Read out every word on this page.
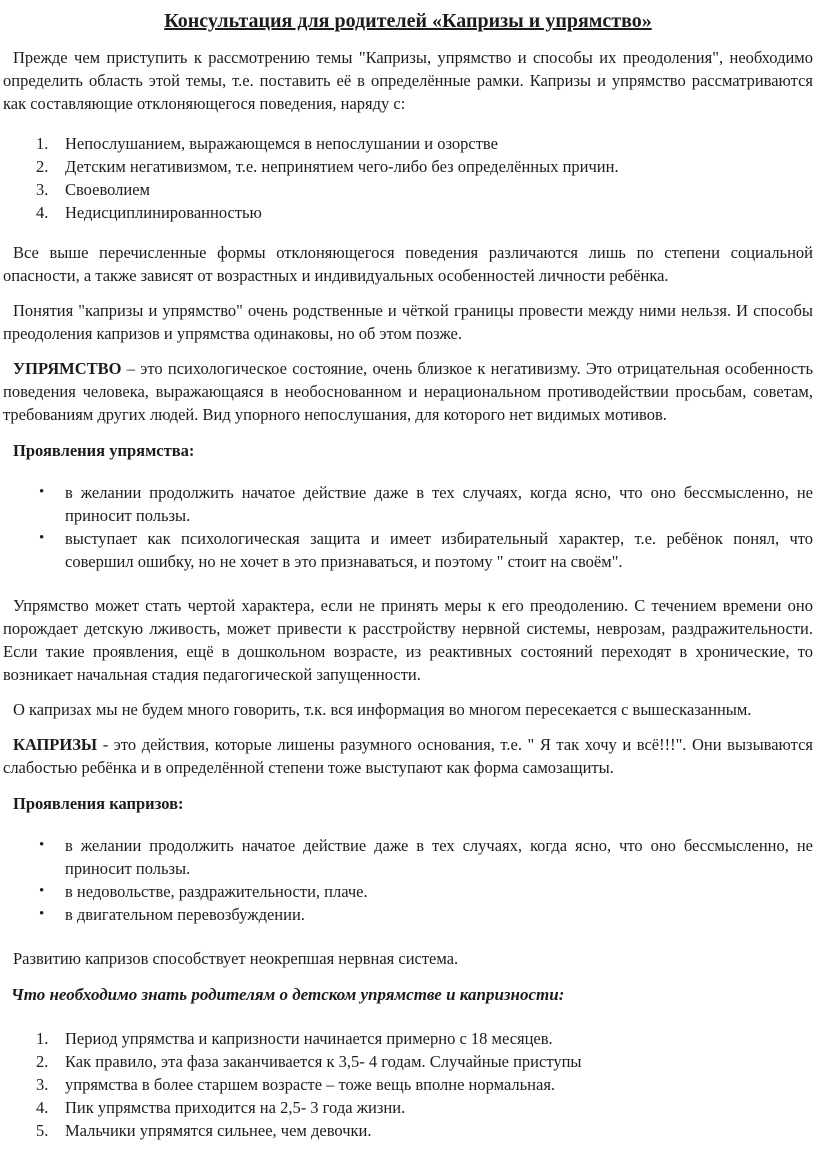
Консультация для родителей «Капризы и упрямство»

Прежде чем приступить к рассмотрению темы "Капризы, упрямство и способы их преодоления", необходимо определить область этой темы, т.е. поставить её в определённые рамки. Капризы и упрямство рассматриваются как составляющие отклоняющегося поведения, наряду с:

Непослушанием, выражающемся в непослушании и озорстве
Детским негативизмом, т.е. непринятием чего-либо без определённых причин.
Своеволием
Недисциплинированностью

Все выше перечисленные формы отклоняющегося поведения различаются лишь по степени социальной опасности, а также зависят от возрастных и индивидуальных особенностей личности ребёнка.

Понятия "капризы и упрямство" очень родственные и чёткой границы провести между ними нельзя. И способы преодоления капризов и упрямства одинаковы, но об этом позже.

УПРЯМСТВО – это психологическое состояние, очень близкое к негативизму. Это отрицательная особенность поведения человека, выражающаяся в необоснованном и нерациональном противодействии просьбам, советам, требованиям других людей. Вид упорного непослушания, для которого нет видимых мотивов.

Проявления упрямства:

• в желании продолжить начатое действие даже в тех случаях, когда ясно, что оно бессмысленно, не приносит пользы.
• выступает как психологическая защита и имеет избирательный характер, т.е. ребёнок понял, что совершил ошибку, но не хочет в это признаваться, и поэтому " стоит на своём".

Упрямство может стать чертой характера, если не принять меры к его преодолению. С течением времени оно порождает детскую лживость, может привести к расстройству нервной системы, неврозам, раздражительности. Если такие проявления, ещё в дошкольном возрасте, из реактивных состояний переходят в хронические, то возникает начальная стадия педагогической запущенности.

О капризах мы не будем много говорить, т.к. вся информация во многом пересекается с вышесказанным.

КАПРИЗЫ - это действия, которые лишены разумного основания, т.е. " Я так хочу и всё!!!". Они вызываются слабостью ребёнка и в определённой степени тоже выступают как форма самозащиты.

Проявления капризов:

• в желании продолжить начатое действие даже в тех случаях, когда ясно, что оно бессмысленно, не приносит пользы.
• в недовольстве, раздражительности, плаче.
• в двигательном перевозбуждении.

Развитию капризов способствует неокрепшая нервная система.

Что необходимо знать родителям о детском упрямстве и капризности:

Период упрямства и капризности начинается примерно с 18 месяцев.
Как правило, эта фаза заканчивается к 3,5- 4 годам. Случайные приступы
упрямства в более старшем возрасте – тоже вещь вполне нормальная.
Пик упрямства приходится на 2,5- 3 года жизни.
Мальчики упрямятся сильнее, чем девочки.
